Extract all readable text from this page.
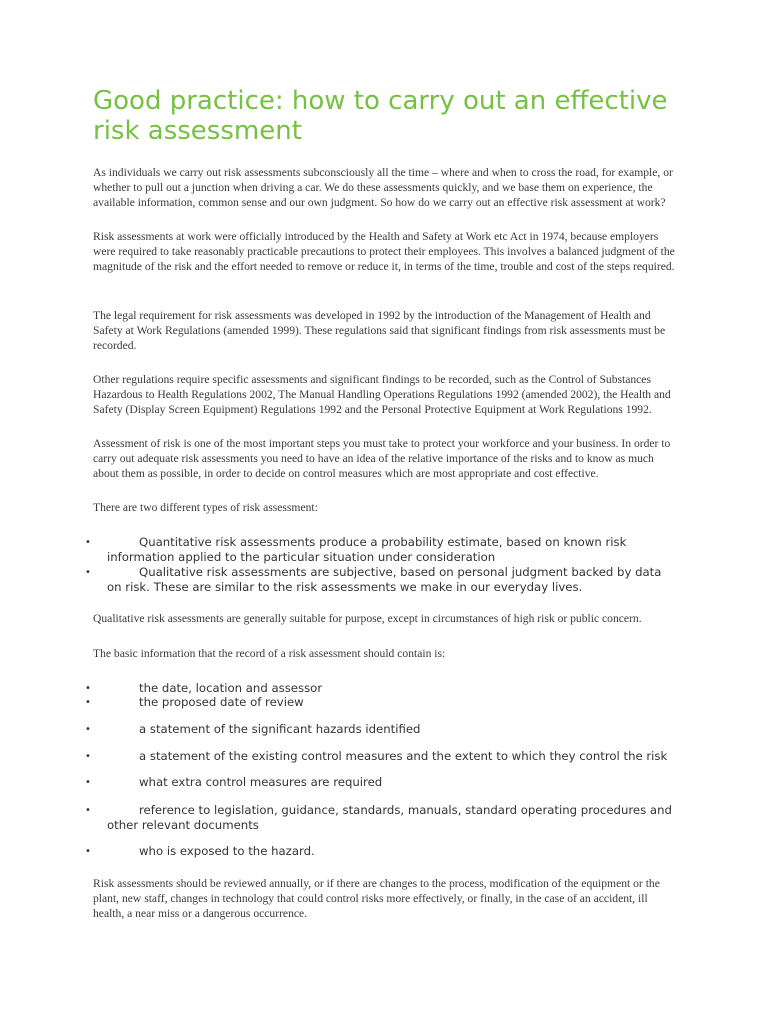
Good practice: how to carry out an effective risk assessment

As individuals we carry out risk assessments subconsciously all the time – where and when to cross the road, for example, or whether to pull out a junction when driving a car. We do these assessments quickly, and we base them on experience, the available information, common sense and our own judgment. So how do we carry out an effective risk assessment at work?

Risk assessments at work were officially introduced by the Health and Safety at Work etc Act in 1974, because employers were required to take reasonably practicable precautions to protect their employees. This involves a balanced judgment of the magnitude of the risk and the effort needed to remove or reduce it, in terms of the time, trouble and cost of the steps required.

The legal requirement for risk assessments was developed in 1992 by the introduction of the Management of Health and Safety at Work Regulations (amended 1999). These regulations said that significant findings from risk assessments must be recorded.

Other regulations require specific assessments and significant findings to be recorded, such as the Control of Substances Hazardous to Health Regulations 2002, The Manual Handling Operations Regulations 1992 (amended 2002), the Health and Safety (Display Screen Equipment) Regulations 1992 and the Personal Protective Equipment at Work Regulations 1992.

Assessment of risk is one of the most important steps you must take to protect your workforce and your business. In order to carry out adequate risk assessments you need to have an idea of the relative importance of the risks and to know as much about them as possible, in order to decide on control measures which are most appropriate and cost effective.

There are two different types of risk assessment:

•	Quantitative risk assessments produce a probability estimate, based on known risk information applied to the particular situation under consideration
•	Qualitative risk assessments are subjective, based on personal judgment backed by data on risk. These are similar to the risk assessments we make in our everyday lives.

Qualitative risk assessments are generally suitable for purpose, except in circumstances of high risk or public concern.

The basic information that the record of a risk assessment should contain is:

•	the date, location and assessor
•	the proposed date of review
•	a statement of the significant hazards identified
•	a statement of the existing control measures and the extent to which they control the risk
•	what extra control measures are required
•	reference to legislation, guidance, standards, manuals, standard operating procedures and other relevant documents
•	who is exposed to the hazard.

Risk assessments should be reviewed annually, or if there are changes to the process, modification of the equipment or the plant, new staff, changes in technology that could control risks more effectively, or finally, in the case of an accident, ill health, a near miss or a dangerous occurrence.
